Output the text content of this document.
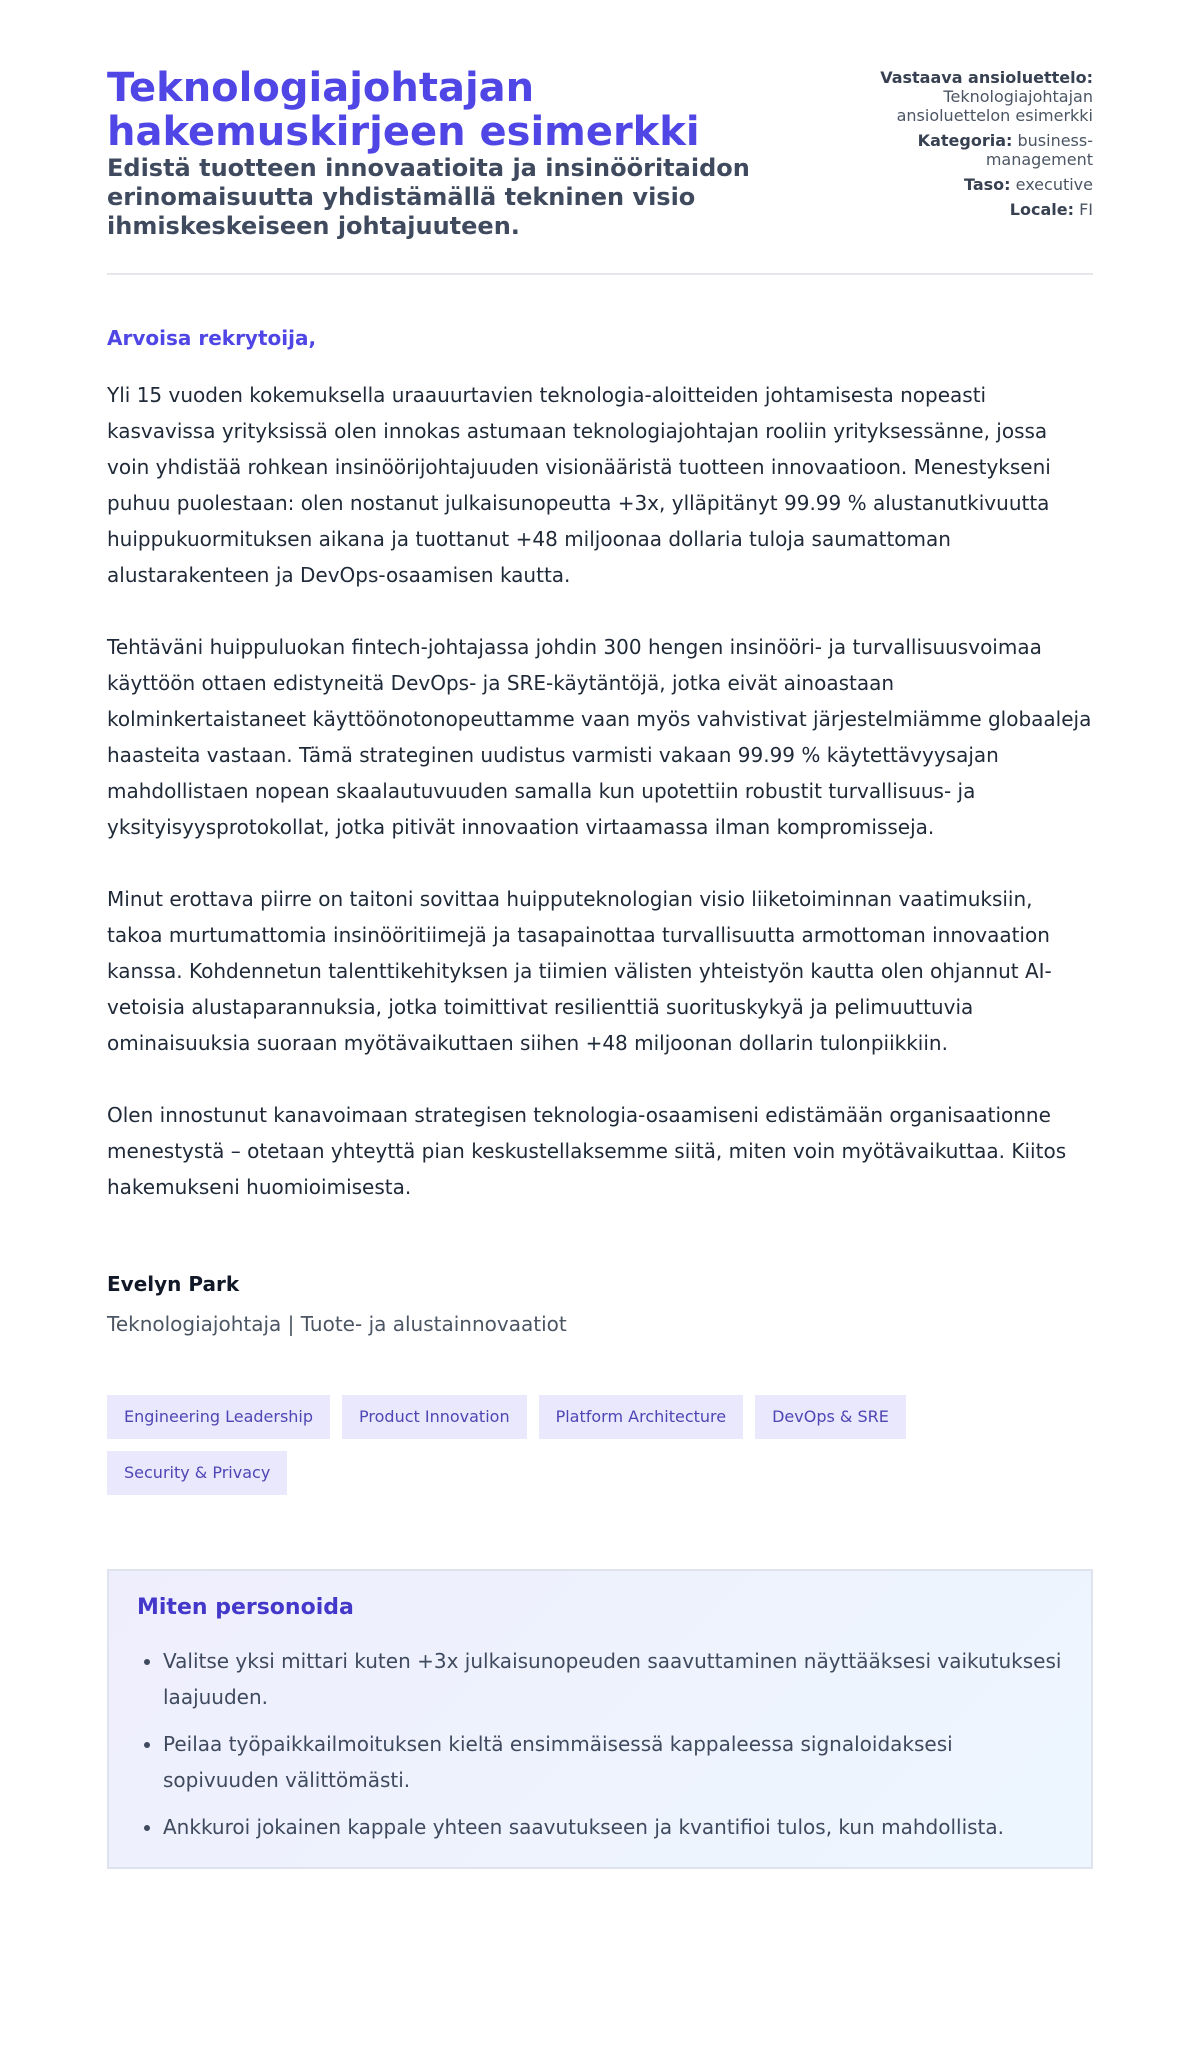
Teknologiajohtajan hakemuskirjeen esimerkki
Edistä tuotteen innovaatioita ja insinööritaidon erinomaisuutta yhdistämällä tekninen visio ihmiskeskeiseen johtajuuteen.
Vastaava ansioluettelo: Teknologiajohtajan ansioluettelon esimerkki
Kategoria: business-management
Taso: executive
Locale: FI

Arvoisa rekrytoija,

Yli 15 vuoden kokemuksella uraauurtavien teknologia-aloitteiden johtamisesta nopeasti kasvavissa yrityksissä olen innokas astumaan teknologiajohtajan rooliin yrityksessänne, jossa voin yhdistää rohkean insinöörijohtajuuden visionääristä tuotteen innovaatioon. Menestykseni puhuu puolestaan: olen nostanut julkaisunopeutta +3x, ylläpitänyt 99.99 % alustanutkivuutta huippukuormituksen aikana ja tuottanut +48 miljoonaa dollaria tuloja saumattoman alustarakenteen ja DevOps-osaamisen kautta.

Tehtäväni huippuluokan fintech-johtajassa johdin 300 hengen insinööri- ja turvallisuusvoimaa käyttöön ottaen edistyneitä DevOps- ja SRE-käytäntöjä, jotka eivät ainoastaan kolminkertaistaneet käyttöönotonopeuttamme vaan myös vahvistivat järjestelmiämme globaaleja haasteita vastaan. Tämä strateginen uudistus varmisti vakaan 99.99 % käytettävyysajan mahdollistaen nopean skaalautuvuuden samalla kun upotettiin robustit turvallisuus- ja yksityisyysprotokollat, jotka pitivät innovaation virtaamassa ilman kompromisseja.

Minut erottava piirre on taitoni sovittaa huipputeknologian visio liiketoiminnan vaatimuksiin, takoa murtumattomia insinööritiimejä ja tasapainottaa turvallisuutta armottoman innovaation kanssa. Kohdennetun talenttikehityksen ja tiimien välisten yhteistyön kautta olen ohjannut AI-vetoisia alustaparannuksia, jotka toimittivat resilienttiä suorituskykyä ja pelimuuttuvia ominaisuuksia suoraan myötävaikuttaen siihen +48 miljoonan dollarin tulonpiikkiin.

Olen innostunut kanavoimaan strategisen teknologia-osaamiseni edistämään organisaationne menestystä – otetaan yhteyttä pian keskustellaksemme siitä, miten voin myötävaikuttaa. Kiitos hakemukseni huomioimisesta.

Evelyn Park
Teknologiajohtaja | Tuote- ja alustainnovaatiot
Engineering Leadership	Product Innovation	Platform Architecture	DevOps & SRE
Security & Privacy
Miten personoida
• Valitse yksi mittari kuten +3x julkaisunopeuden saavuttaminen näyttääksesi vaikutuksesi laajuuden.
• Peilaa työpaikkailmoituksen kieltä ensimmäisessä kappaleessa signaloidaksesi sopivuuden välittömästi.
• Ankkuroi jokainen kappale yhteen saavutukseen ja kvantifioi tulos, kun mahdollista.
